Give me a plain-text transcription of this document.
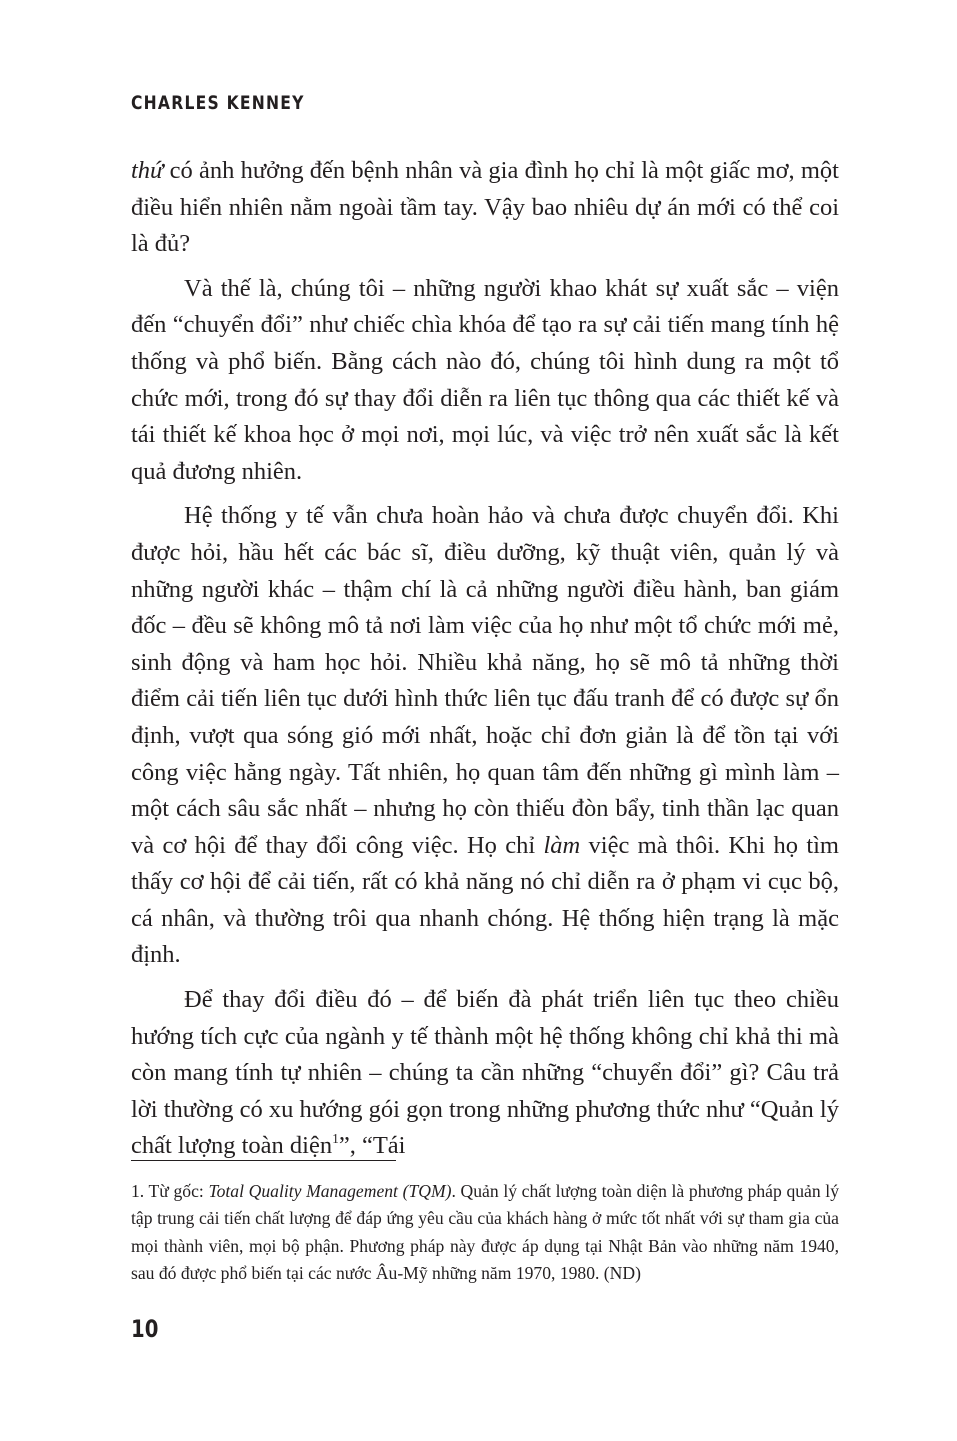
CHARLES KENNEY

thứ có ảnh hưởng đến bệnh nhân và gia đình họ chỉ là một giấc mơ, một điều hiển nhiên nằm ngoài tầm tay. Vậy bao nhiêu dự án mới có thể coi là đủ?

Và thế là, chúng tôi – những người khao khát sự xuất sắc – viện đến “chuyển đổi” như chiếc chìa khóa để tạo ra sự cải tiến mang tính hệ thống và phổ biến. Bằng cách nào đó, chúng tôi hình dung ra một tổ chức mới, trong đó sự thay đổi diễn ra liên tục thông qua các thiết kế và tái thiết kế khoa học ở mọi nơi, mọi lúc, và việc trở nên xuất sắc là kết quả đương nhiên.

Hệ thống y tế vẫn chưa hoàn hảo và chưa được chuyển đổi. Khi được hỏi, hầu hết các bác sĩ, điều dưỡng, kỹ thuật viên, quản lý và những người khác – thậm chí là cả những người điều hành, ban giám đốc – đều sẽ không mô tả nơi làm việc của họ như một tổ chức mới mẻ, sinh động và ham học hỏi. Nhiều khả năng, họ sẽ mô tả những thời điểm cải tiến liên tục dưới hình thức liên tục đấu tranh để có được sự ổn định, vượt qua sóng gió mới nhất, hoặc chỉ đơn giản là để tồn tại với công việc hằng ngày. Tất nhiên, họ quan tâm đến những gì mình làm – một cách sâu sắc nhất – nhưng họ còn thiếu đòn bẩy, tinh thần lạc quan và cơ hội để thay đổi công việc. Họ chỉ làm việc mà thôi. Khi họ tìm thấy cơ hội để cải tiến, rất có khả năng nó chỉ diễn ra ở phạm vi cục bộ, cá nhân, và thường trôi qua nhanh chóng. Hệ thống hiện trạng là mặc định.

Để thay đổi điều đó – để biến đà phát triển liên tục theo chiều hướng tích cực của ngành y tế thành một hệ thống không chỉ khả thi mà còn mang tính tự nhiên – chúng ta cần những “chuyển đổi” gì? Câu trả lời thường có xu hướng gói gọn trong những phương thức như “Quản lý chất lượng toàn diện$^1$”, “Tái

1. Từ gốc: Total Quality Management (TQM). Quản lý chất lượng toàn diện là phương pháp quản lý tập trung cải tiến chất lượng để đáp ứng yêu cầu của khách hàng ở mức tốt nhất với sự tham gia của mọi thành viên, mọi bộ phận. Phương pháp này được áp dụng tại Nhật Bản vào những năm 1940, sau đó được phổ biến tại các nước Âu-Mỹ những năm 1970, 1980. (ND)
10
